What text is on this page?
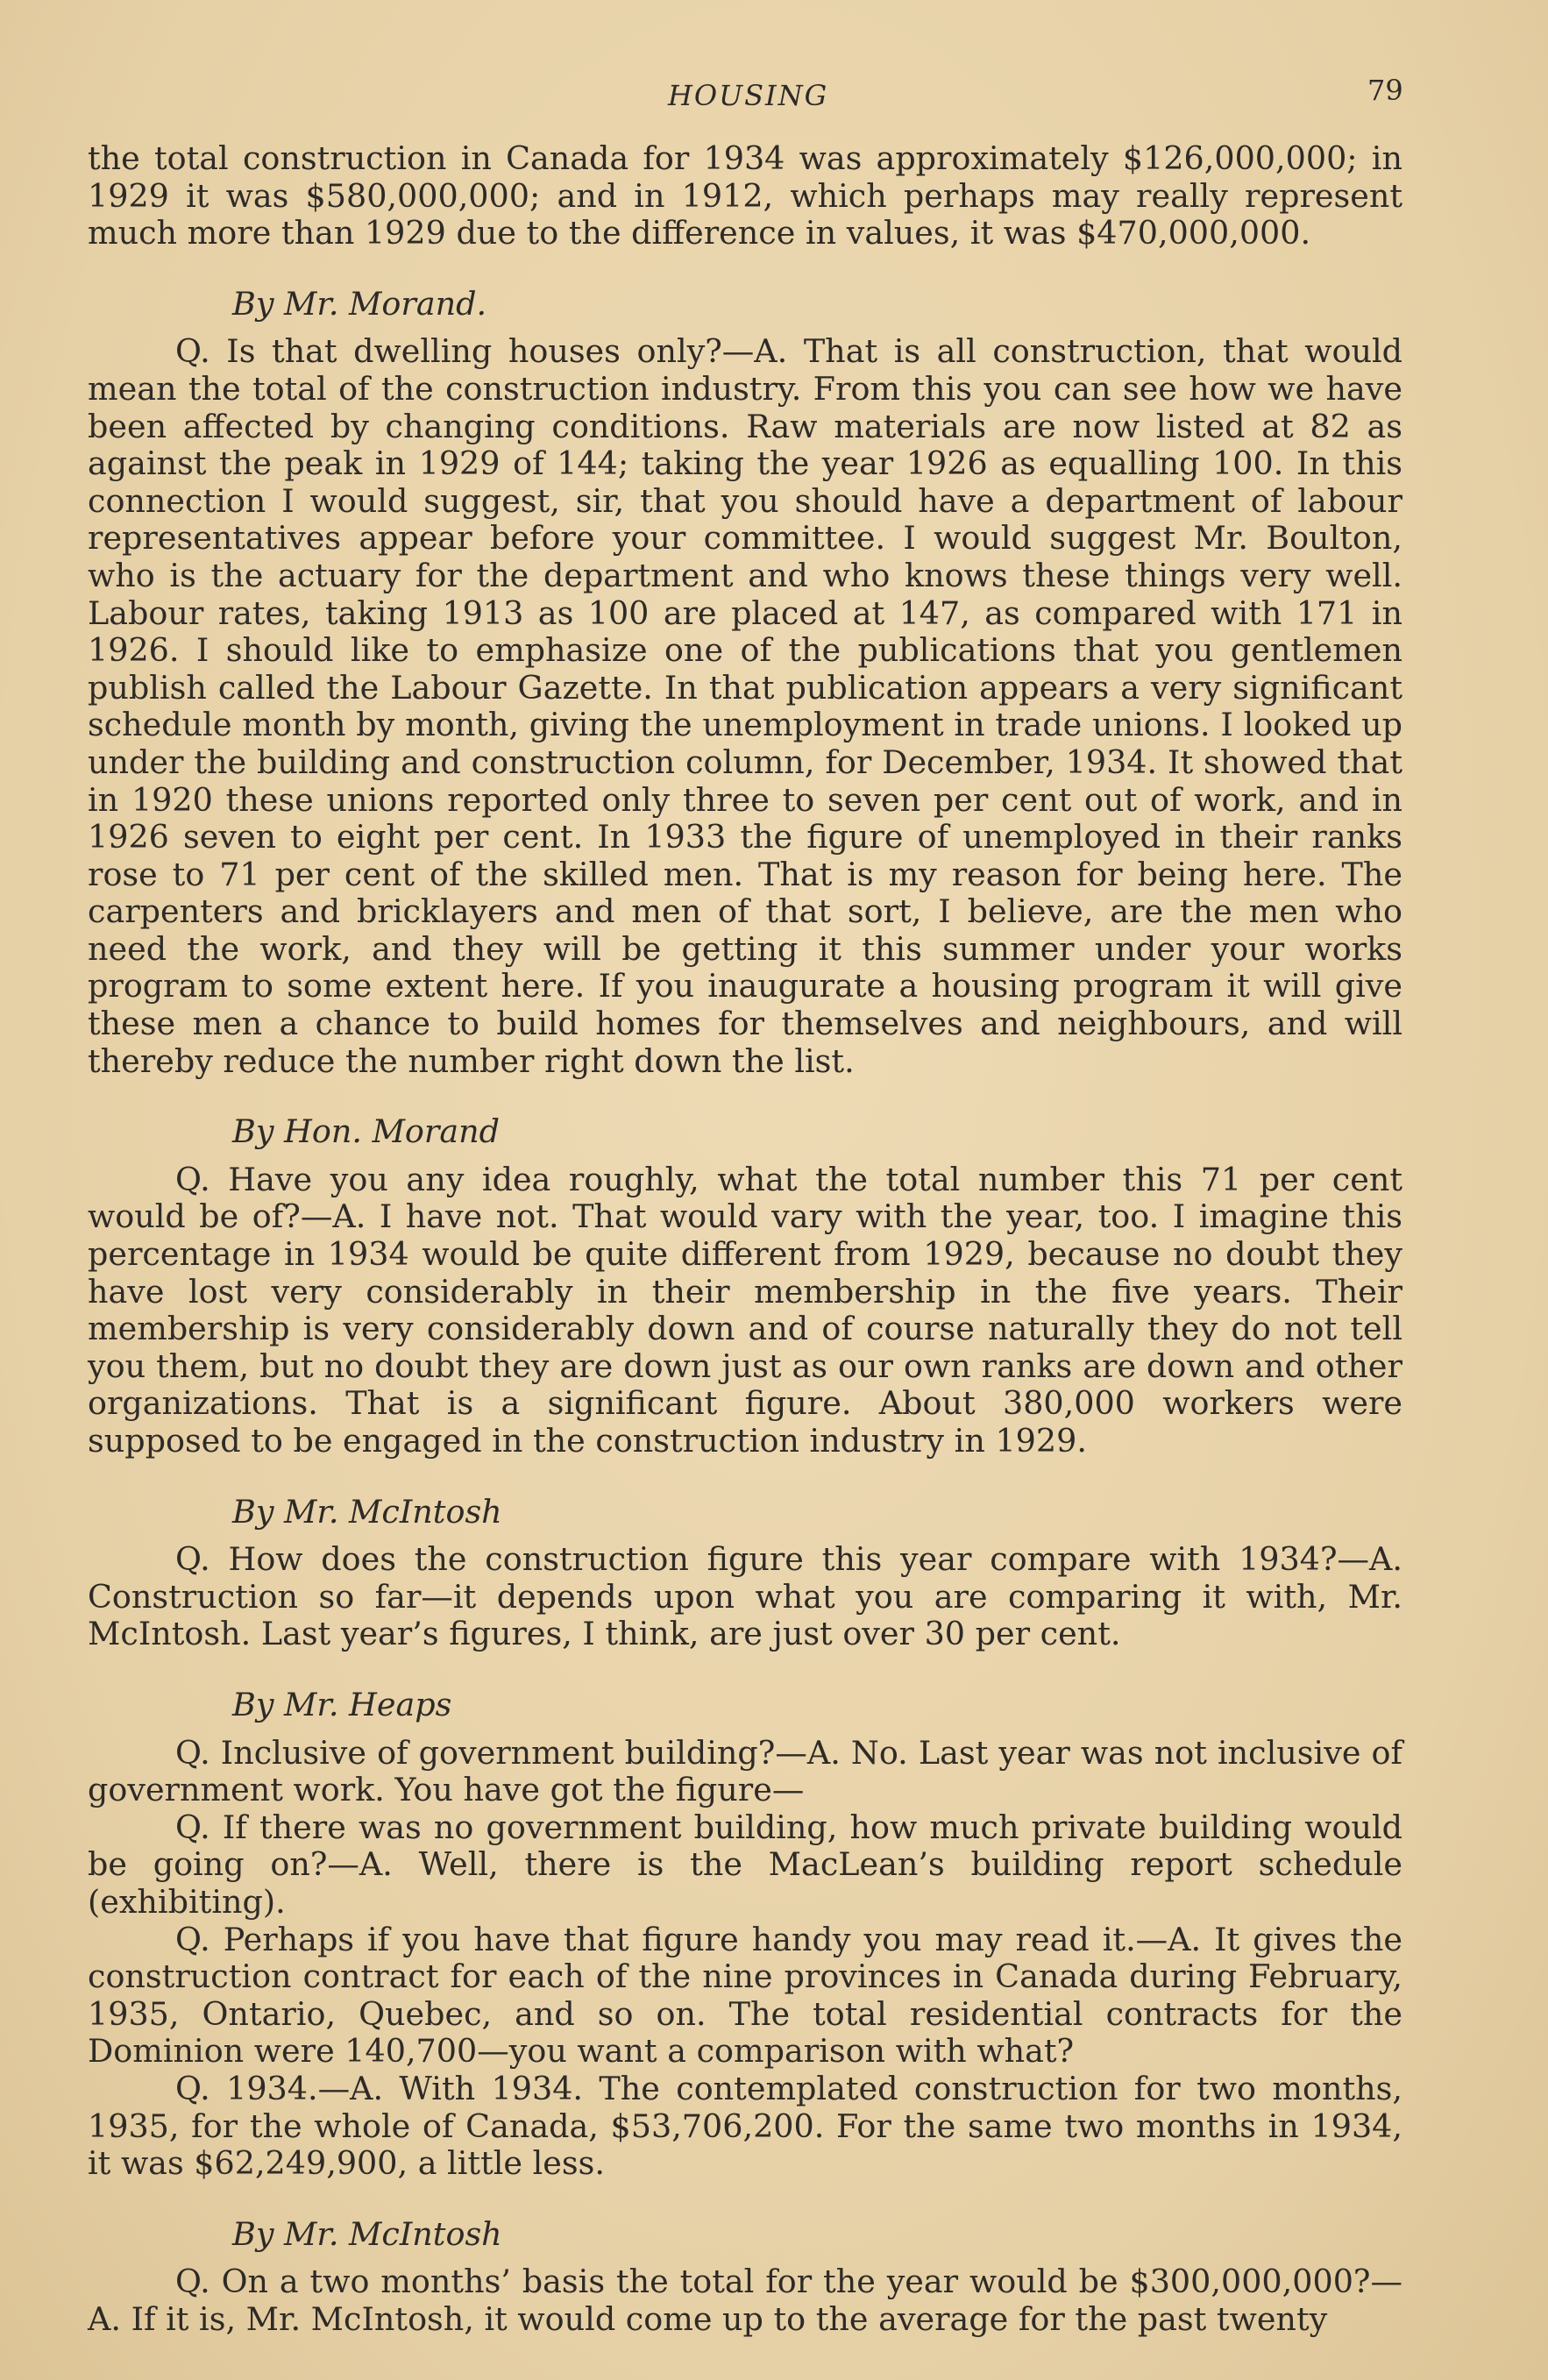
HOUSING	79

the total construction in Canada for 1934 was approximately $126,000,000; in 1929 it was $580,000,000; and in 1912, which perhaps may really represent much more than 1929 due to the difference in values, it was $470,000,000.

By Mr. Morand.

Q. Is that dwelling houses only?—A. That is all construction, that would mean the total of the construction industry. From this you can see how we have been affected by changing conditions. Raw materials are now listed at 82 as against the peak in 1929 of 144; taking the year 1926 as equalling 100. In this connection I would suggest, sir, that you should have a department of labour representatives appear before your committee. I would suggest Mr. Boulton, who is the actuary for the department and who knows these things very well. Labour rates, taking 1913 as 100 are placed at 147, as compared with 171 in 1926. I should like to emphasize one of the publications that you gentlemen publish called the Labour Gazette. In that publication appears a very significant schedule month by month, giving the unemployment in trade unions. I looked up under the building and construction column, for December, 1934. It showed that in 1920 these unions reported only three to seven per cent out of work, and in 1926 seven to eight per cent. In 1933 the figure of unemployed in their ranks rose to 71 per cent of the skilled men. That is my reason for being here. The carpenters and bricklayers and men of that sort, I believe, are the men who need the work, and they will be getting it this summer under your works program to some extent here. If you inaugurate a housing program it will give these men a chance to build homes for themselves and neighbours, and will thereby reduce the number right down the list.

By Hon. Morand

Q. Have you any idea roughly, what the total number this 71 per cent would be of?—A. I have not. That would vary with the year, too. I imagine this percentage in 1934 would be quite different from 1929, because no doubt they have lost very considerably in their membership in the five years. Their membership is very considerably down and of course naturally they do not tell you them, but no doubt they are down just as our own ranks are down and other organizations. That is a significant figure. About 380,000 workers were supposed to be engaged in the construction industry in 1929.

By Mr. McIntosh

Q. How does the construction figure this year compare with 1934?—A. Construction so far—it depends upon what you are comparing it with, Mr. McIntosh. Last year’s figures, I think, are just over 30 per cent.

By Mr. Heaps

Q. Inclusive of government building?—A. No. Last year was not inclusive of government work. You have got the figure—

Q. If there was no government building, how much private building would be going on?—A. Well, there is the MacLean’s building report schedule (exhibiting).

Q. Perhaps if you have that figure handy you may read it.—A. It gives the construction contract for each of the nine provinces in Canada during February, 1935, Ontario, Quebec, and so on. The total residential contracts for the Dominion were 140,700—you want a comparison with what?

Q. 1934.—A. With 1934. The contemplated construction for two months, 1935, for the whole of Canada, $53,706,200. For the same two months in 1934, it was $62,249,900, a little less.

By Mr. McIntosh

Q. On a two months’ basis the total for the year would be $300,000,000?—A. If it is, Mr. McIntosh, it would come up to the average for the past twenty
